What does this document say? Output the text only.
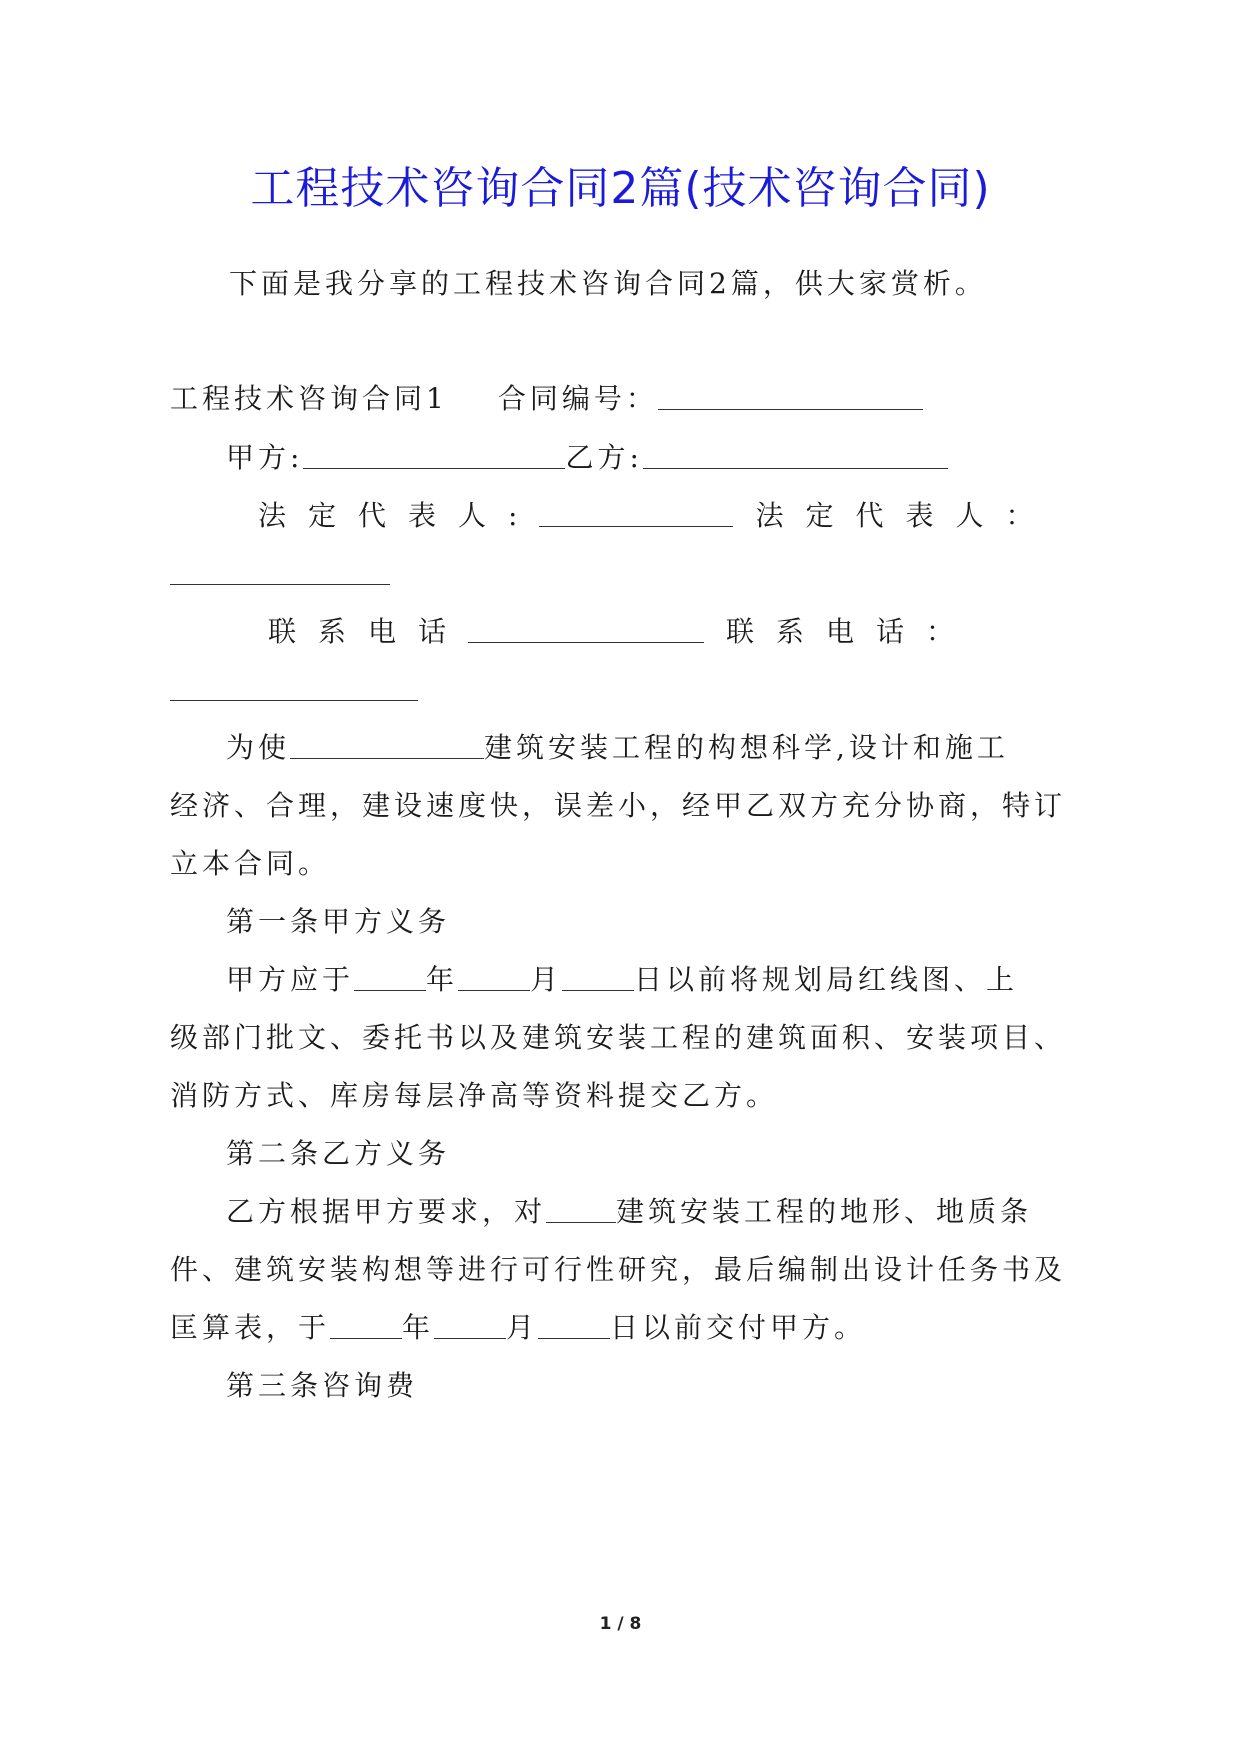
工程技术咨询合同2篇(技术咨询合同)
下面是我分享的工程技术咨询合同2篇，供大家赏析。
工程技术咨询合同1 合同编号：
甲方:	乙方:
法定代表人:	法定代表人：
联系电话	联系电话：
为使	建筑安装工程的构想科学,设计和施工
经济、合理，建设速度快，误差小，经甲乙双方充分协商，特订
立本合同。
第一条甲方义务
甲方应于	年	月	日以前将规划局红线图、上
级部门批文、委托书以及建筑安装工程的建筑面积、安装项目、
消防方式、库房每层净高等资料提交乙方。
第二条乙方义务
乙方根据甲方要求，对	建筑安装工程的地形、地质条
件、建筑安装构想等进行可行性研究，最后编制出设计任务书及
匡算表，于	年	月	日以前交付甲方。
第三条咨询费
1 / 8
